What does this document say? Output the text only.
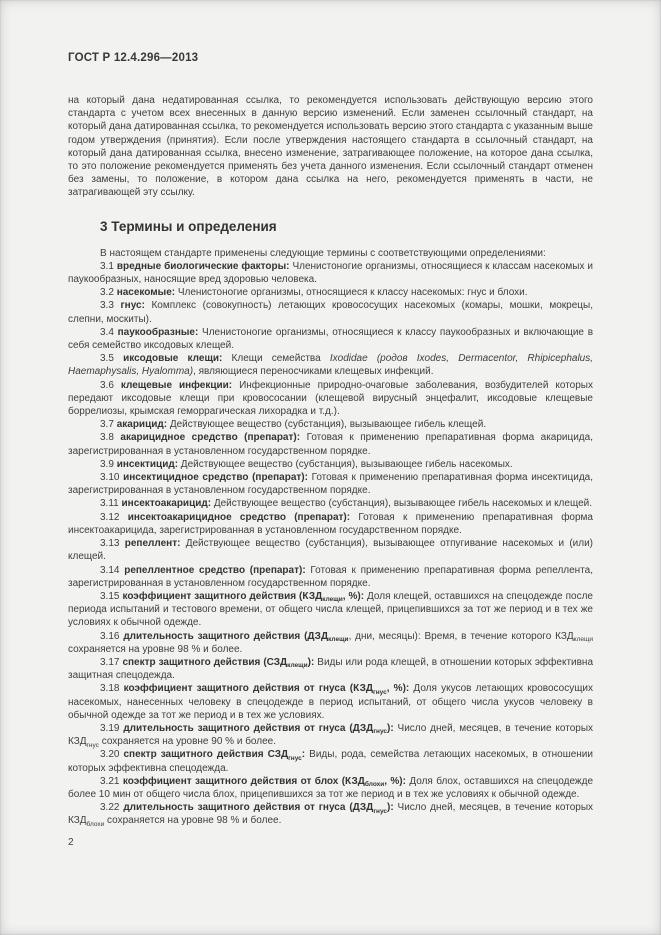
ГОСТ Р 12.4.296—2013

на который дана недатированная ссылка, то рекомендуется использовать действующую версию этого стандарта с учетом всех внесенных в данную версию изменений. Если заменен ссылочный стандарт, на который дана датированная ссылка, то рекомендуется использовать версию этого стандарта с указанным выше годом утверждения (принятия). Если после утверждения настоящего стандарта в ссылочный стандарт, на который дана датированная ссылка, внесено изменение, затрагивающее положение, на которое дана ссылка, то это положение рекомендуется применять без учета данного изменения. Если ссылочный стандарт отменен без замены, то положение, в котором дана ссылка на него, рекомендуется применять в части, не затрагивающей эту ссылку.

3 Термины и определения

В настоящем стандарте применены следующие термины с соответствующими определениями:

3.1 вредные биологические факторы: Членистоногие организмы, относящиеся к классам насекомых и паукообразных, наносящие вред здоровью человека.

3.2 насекомые: Членистоногие организмы, относящиеся к классу насекомых: гнус и блохи.

3.3 гнус: Комплекс (совокупность) летающих кровососущих насекомых (комары, мошки, мокрецы, слепни, москиты).

3.4 паукообразные: Членистоногие организмы, относящиеся к классу паукообразных и включающие в себя семейство иксодовых клещей.

3.5 иксодовые клещи: Клещи семейства Ixodidae (родов Ixodes, Dermacentor, Rhipicephalus, Haemaphysalis, Hyalomma), являющиеся переносчиками клещевых инфекций.

3.6 клещевые инфекции: Инфекционные природно-очаговые заболевания, возбудителей которых передают иксодовые клещи при кровососании (клещевой вирусный энцефалит, иксодовые клещевые боррелиозы, крымская геморрагическая лихорадка и т.д.).

3.7 акарицид: Действующее вещество (субстанция), вызывающее гибель клещей.

3.8 акарицидное средство (препарат): Готовая к применению препаративная форма акарицида, зарегистрированная в установленном государственном порядке.

3.9 инсектицид: Действующее вещество (субстанция), вызывающее гибель насекомых.

3.10 инсектицидное средство (препарат): Готовая к применению препаративная форма инсектицида, зарегистрированная в установленном государственном порядке.

3.11 инсектоакарицид: Действующее вещество (субстанция), вызывающее гибель насекомых и клещей.

3.12 инсектоакарицидное средство (препарат): Готовая к применению препаративная форма инсектоакарицида, зарегистрированная в установленном государственном порядке.

3.13 репеллент: Действующее вещество (субстанция), вызывающее отпугивание насекомых и (или) клещей.

3.14 репеллентное средство (препарат): Готовая к применению препаративная форма репеллента, зарегистрированная в установленном государственном порядке.

3.15 коэффициент защитного действия ($КЗД_{клещи}$, %): Доля клещей, оставшихся на спецодежде после периода испытаний и тестового времени, от общего числа клещей, прицепившихся за тот же период и в тех же условиях к обычной одежде.

3.16 длительность защитного действия ($ДЗД_{клещи}$, дни, месяцы): Время, в течение которого $КЗД_{клещи}$ сохраняется на уровне 98 % и более.

3.17 спектр защитного действия $(СЗД_{клещи})$: Виды или рода клещей, в отношении которых эффективна защитная спецодежда.

3.18 коэффициент защитного действия от гнуса ($КЗД_{гнус}$, %): Доля укусов летающих кровососущих насекомых, нанесенных человеку в спецодежде в период испытаний, от общего числа укусов человеку в обычной одежде за тот же период и в тех же условиях.

3.19 длительность защитного действия от гнуса $(ДЗД_{гнус})$: Число дней, месяцев, в течение которых $КЗД_{гнус}$ сохраняется на уровне 90 % и более.

3.20 спектр защитного действия $СЗД_{гнус}$: Виды, рода, семейства летающих насекомых, в отношении которых эффективна спецодежда.

3.21 коэффициент защитного действия от блох ($КЗД_{блохи}$, %): Доля блох, оставшихся на спецодежде более 10 мин от общего числа блох, прицепившихся за тот же период и в тех же условиях к обычной одежде.

3.22 длительность защитного действия от гнуса $(ДЗД_{гнус})$: Число дней, месяцев, в течение которых $КЗД_{блохи}$ сохраняется на уровне 98 % и более.

2
